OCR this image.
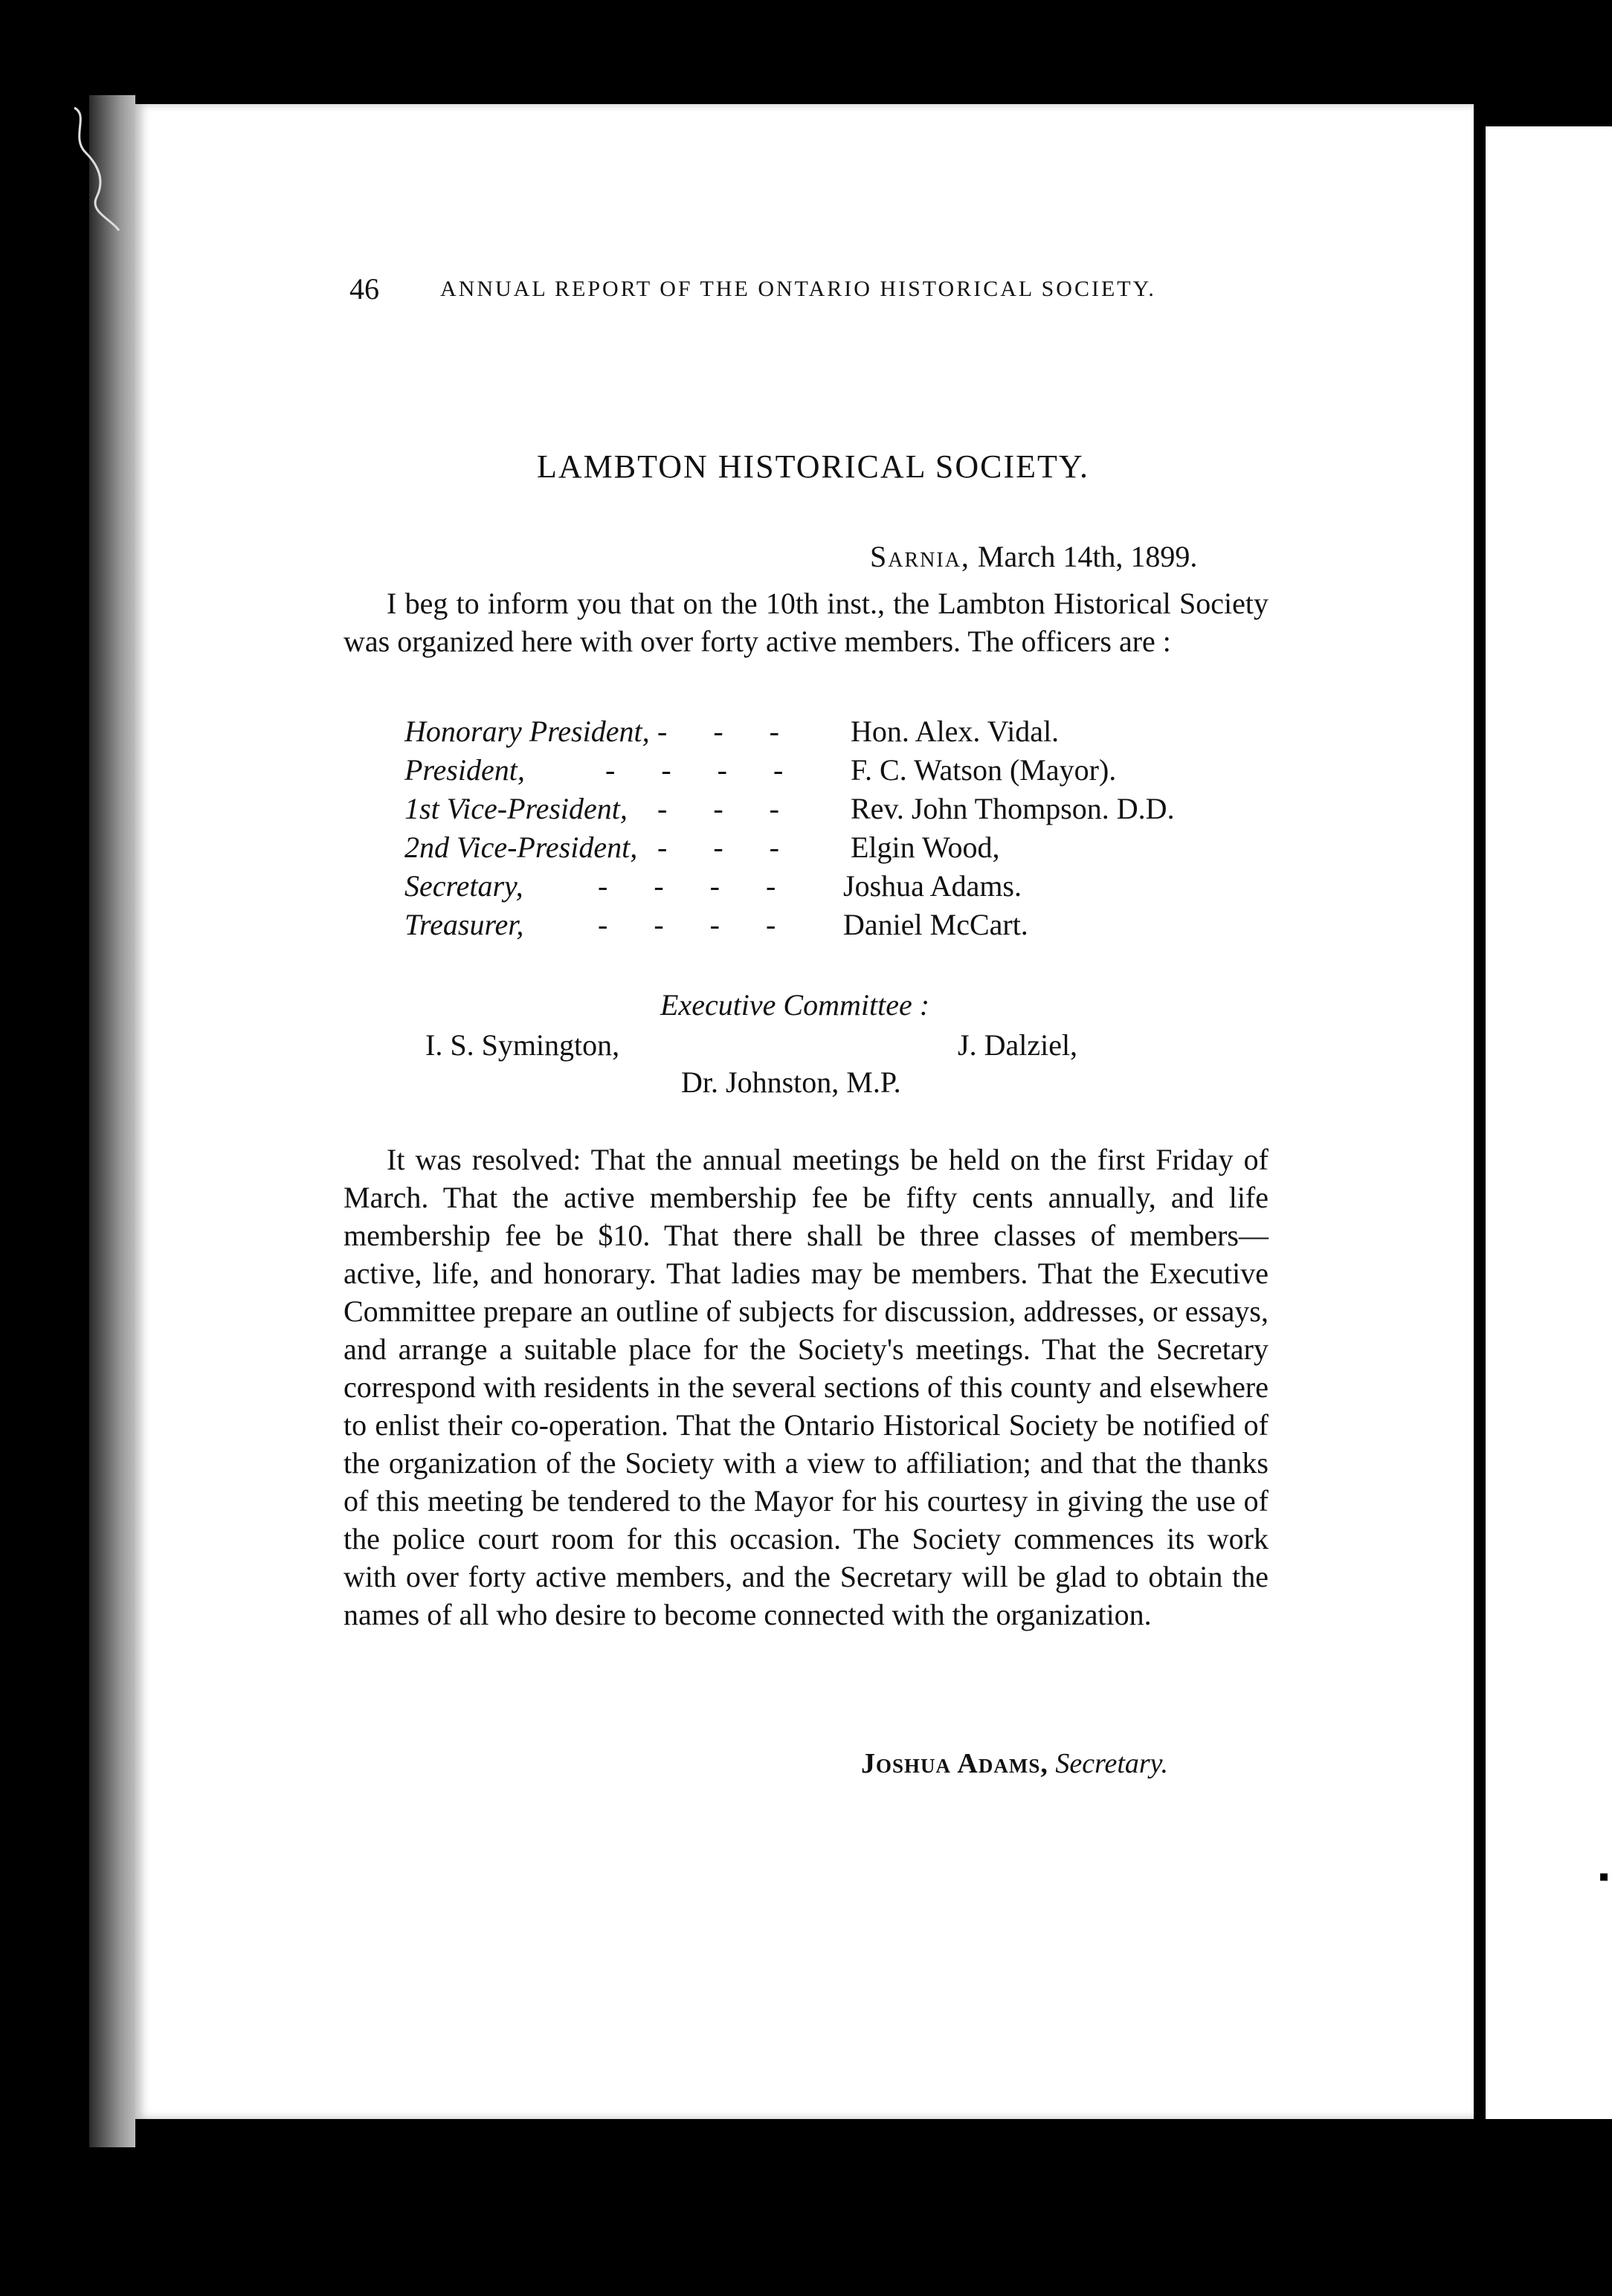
▪
46	ANNUAL REPORT OF THE ONTARIO HISTORICAL SOCIETY.
LAMBTON HISTORICAL SOCIETY.
Sarnia, March 14th, 1899.
I beg to inform you that on the 10th inst., the Lambton Historical Society was organized here with over forty active members. The officers are :
Honorary President, - - -	Hon. Alex. Vidal.
President,	- - - -	F. C. Watson (Mayor).
1st Vice-President, - - -	Rev. John Thompson. D.D.
2nd Vice-President, - - -	Elgin Wood,
Secretary,	- - - -	Joshua Adams.
Treasurer, - - - -	Daniel McCart.
Executive Committee :
I. S. Symington,	J. Dalziel,
Dr. Johnston, M.P.
It was resolved: That the annual meetings be held on the first Friday of March. That the active membership fee be fifty cents annually, and life membership fee be $10. That there shall be three classes of members—active, life, and honorary. That ladies may be members. That the Executive Committee prepare an outline of subjects for discussion, addresses, or essays, and arrange a suitable place for the Society's meetings. That the Secretary correspond with residents in the several sections of this county and elsewhere to enlist their co-operation. That the Ontario Historical Society be notified of the organization of the Society with a view to affiliation; and that the thanks of this meeting be tendered to the Mayor for his courtesy in giving the use of the police court room for this occasion. The Society commences its work with over forty active members, and the Secretary will be glad to obtain the names of all who desire to become connected with the organization.
Joshua Adams, Secretary.
